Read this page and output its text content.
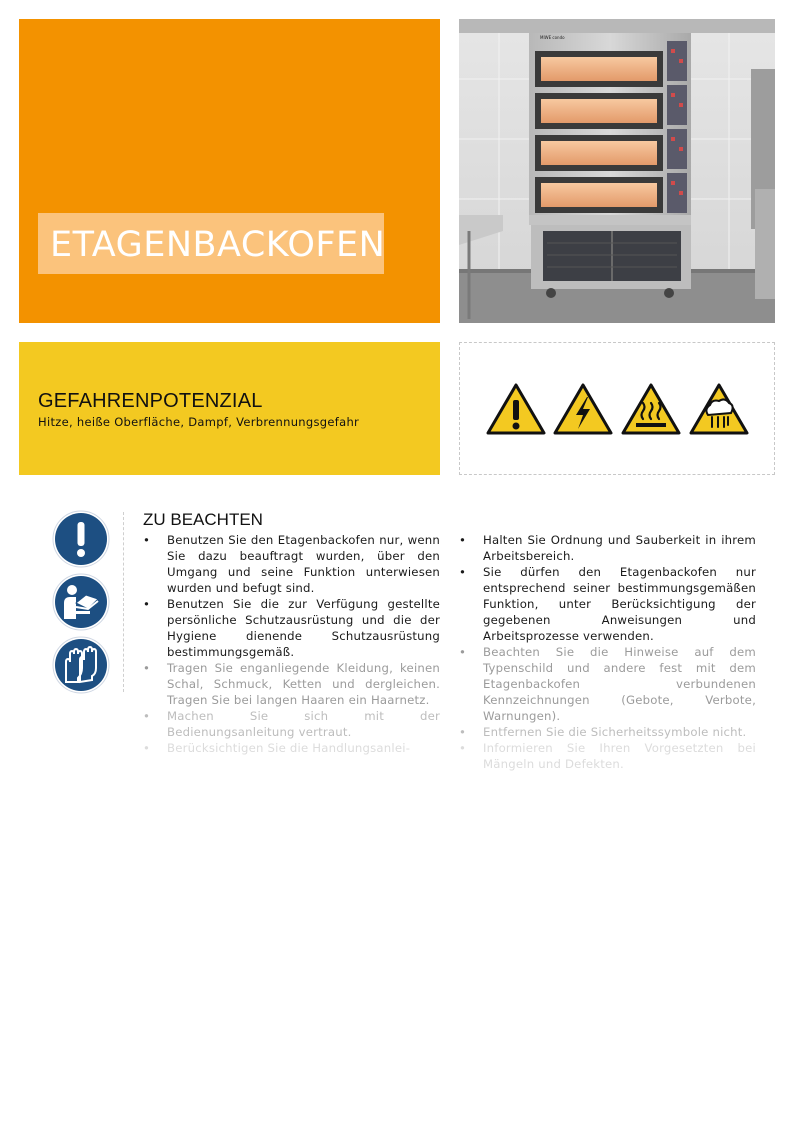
ETAGENBACKOFEN
MIWE condo
GEFAHRENPOTENZIAL
Hitze, heiße Oberfläche, Dampf, Verbrennungsgefahr
ZU BEACHTEN
• Benutzen Sie den Etagenbackofen nur, wenn Sie dazu beauftragt wurden, über den Umgang und seine Funktion unterwiesen wurden und befugt sind.
• Benutzen Sie die zur Verfügung gestellte persönliche Schutzausrüstung und die der Hygiene dienende Schutzausrüstung bestimmungsgemäß.
• Tragen Sie enganliegende Kleidung, keinen Schal, Schmuck, Ketten und dergleichen. Tragen Sie bei langen Haaren ein Haarnetz.
• Machen Sie sich mit der Bedienungsanleitung vertraut.
• Berücksichtigen Sie die Handlungsanlei-
• Halten Sie Ordnung und Sauberkeit in ihrem Arbeitsbereich.
• Sie dürfen den Etagenbackofen nur entsprechend seiner bestimmungsgemäßen Funktion, unter Berücksichtigung der gegebenen Anweisungen und Arbeitsprozesse verwenden.
• Beachten Sie die Hinweise auf dem Typenschild und andere fest mit dem Etagenbackofen verbundenen Kennzeichnungen (Gebote, Verbote, Warnungen).
• Entfernen Sie die Sicherheitssymbole nicht.
• Informieren Sie Ihren Vorgesetzten bei Mängeln und Defekten.
